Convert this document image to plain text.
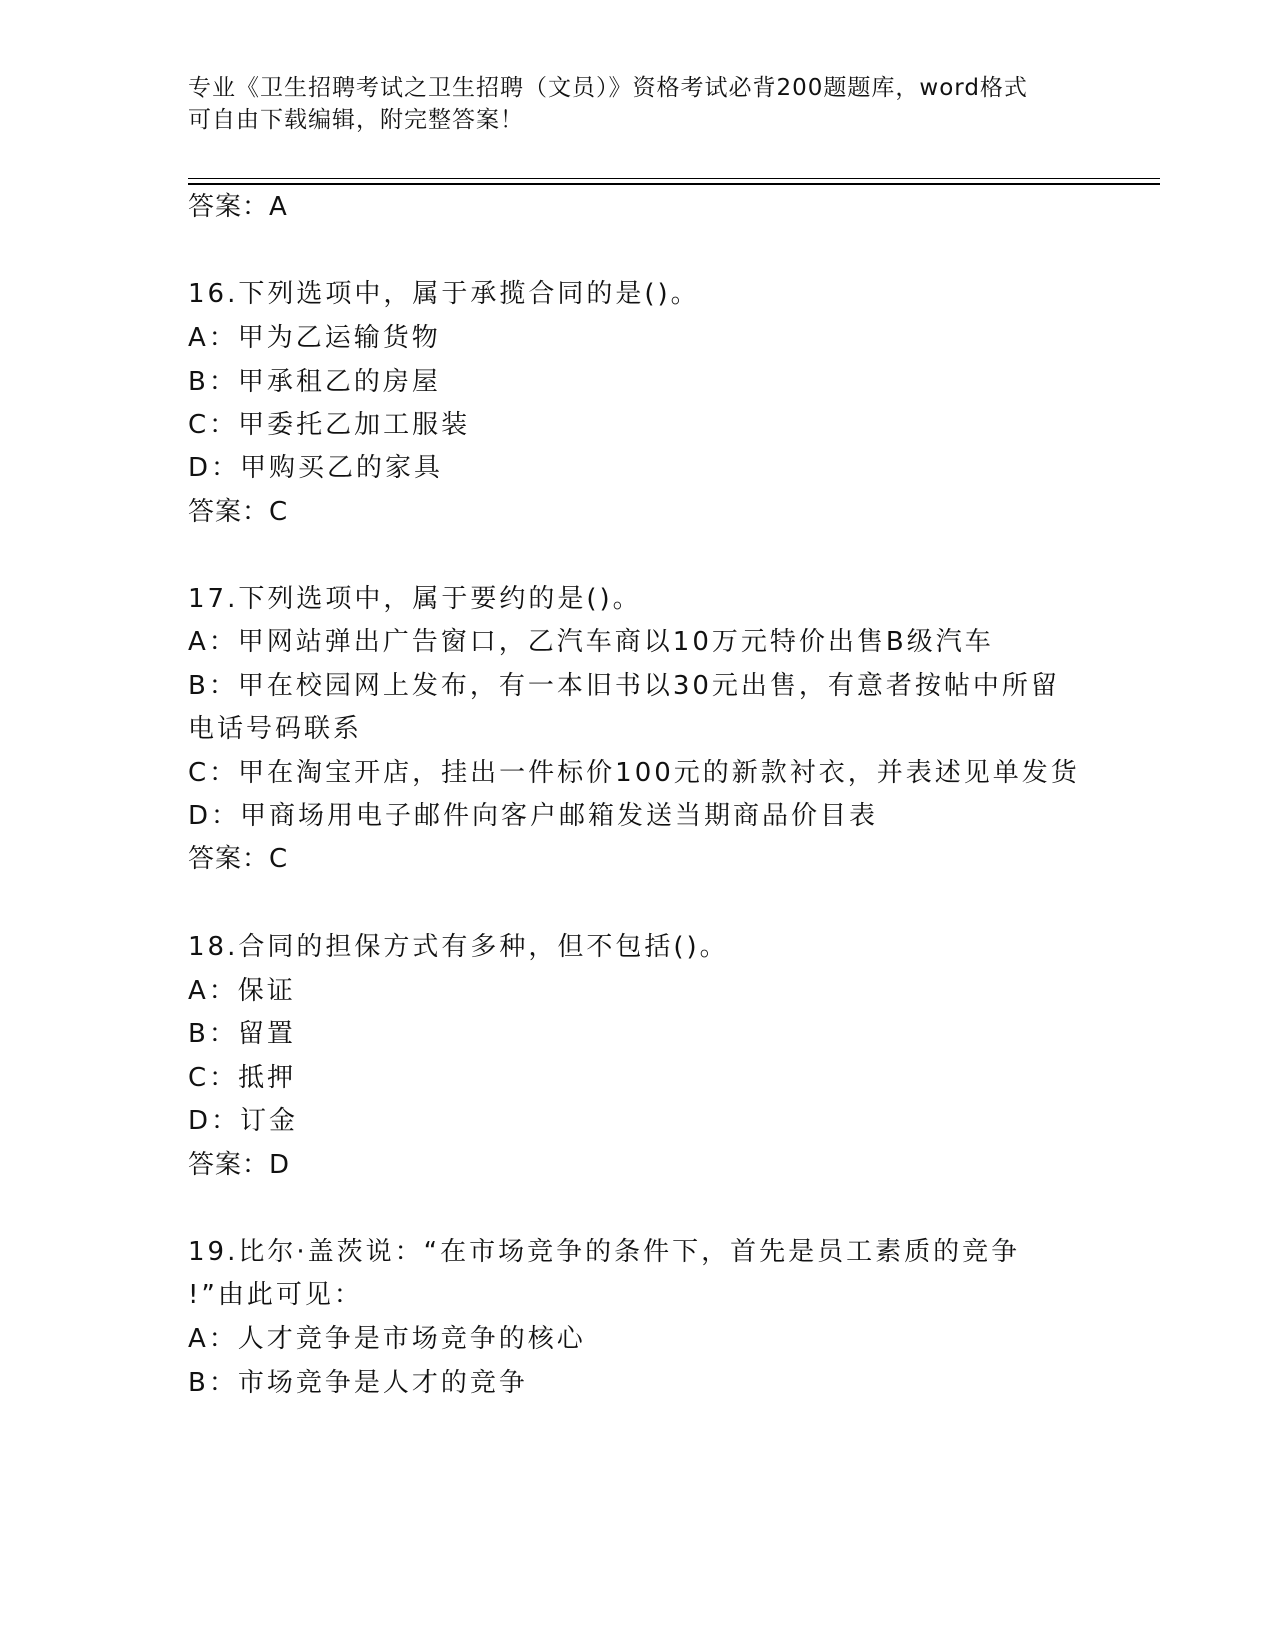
专业《卫生招聘考试之卫生招聘（文员）》资格考试必背200题题库，word格式
可自由下载编辑，附完整答案！
答案：A
16.下列选项中，属于承揽合同的是()。
A：甲为乙运输货物
B：甲承租乙的房屋
C：甲委托乙加工服装
D：甲购买乙的家具
答案：C
17.下列选项中，属于要约的是()。
A：甲网站弹出广告窗口，乙汽车商以10万元特价出售B级汽车
B：甲在校园网上发布，有一本旧书以30元出售，有意者按帖中所留
电话号码联系
C：甲在淘宝开店，挂出一件标价100元的新款衬衣，并表述见单发货
D：甲商场用电子邮件向客户邮箱发送当期商品价目表
答案：C
18.合同的担保方式有多种，但不包括()。
A：保证
B：留置
C：抵押
D：订金
答案：D
19.比尔·盖茨说：“在市场竞争的条件下，首先是员工素质的竞争
!”由此可见：
A：人才竞争是市场竞争的核心
B：市场竞争是人才的竞争
